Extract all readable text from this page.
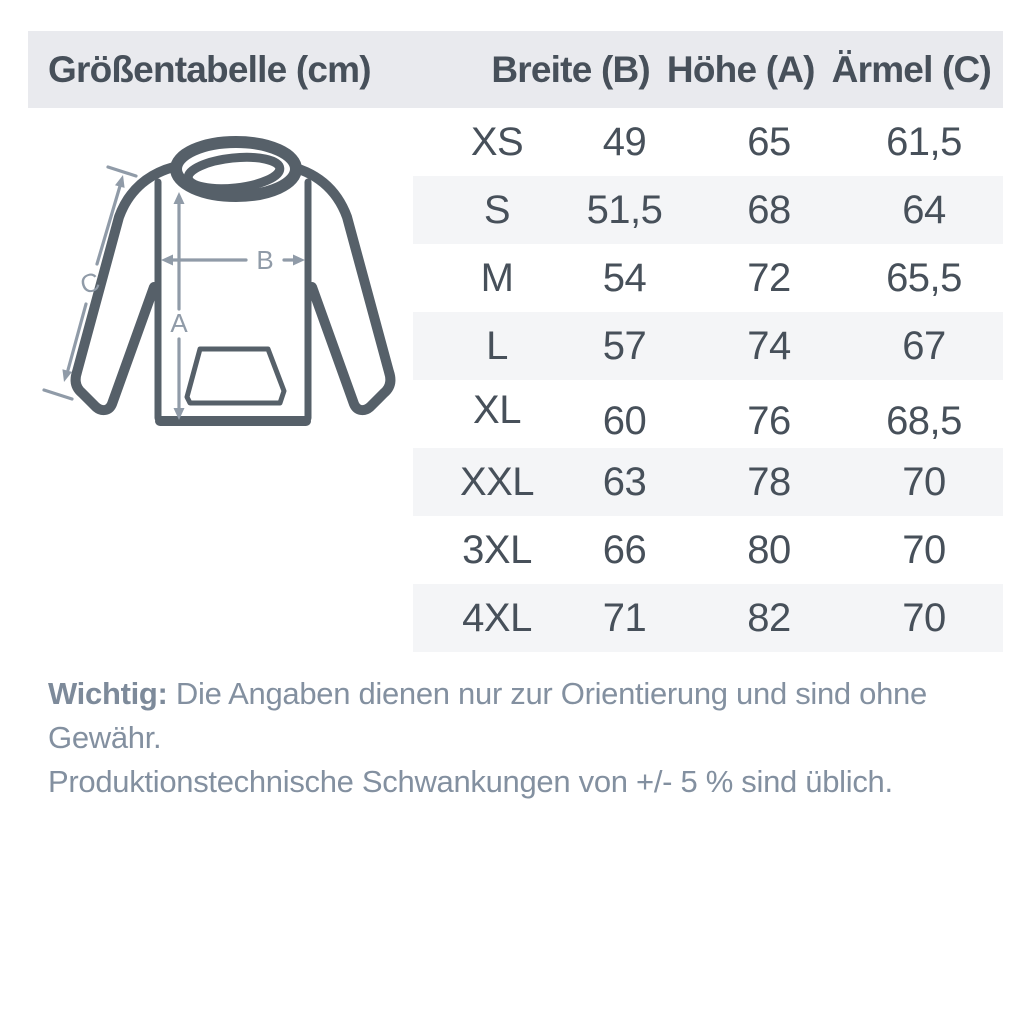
Größentabelle (cm)	Breite (B) Höhe (A) Ärmel (C)
A
B
C
XS 49	65 61,5
S 51,5 68	64
M 54	72 65,5
L 57	74	67
XL 60	76 68,5
XXL 63	78	70
3XL 66	80	70
4XL 71	82	70
Wichtig: Die Angaben dienen nur zur Orientierung und sind ohne Gewähr.
Produktionstechnische Schwankungen von +/- 5 % sind üblich.
